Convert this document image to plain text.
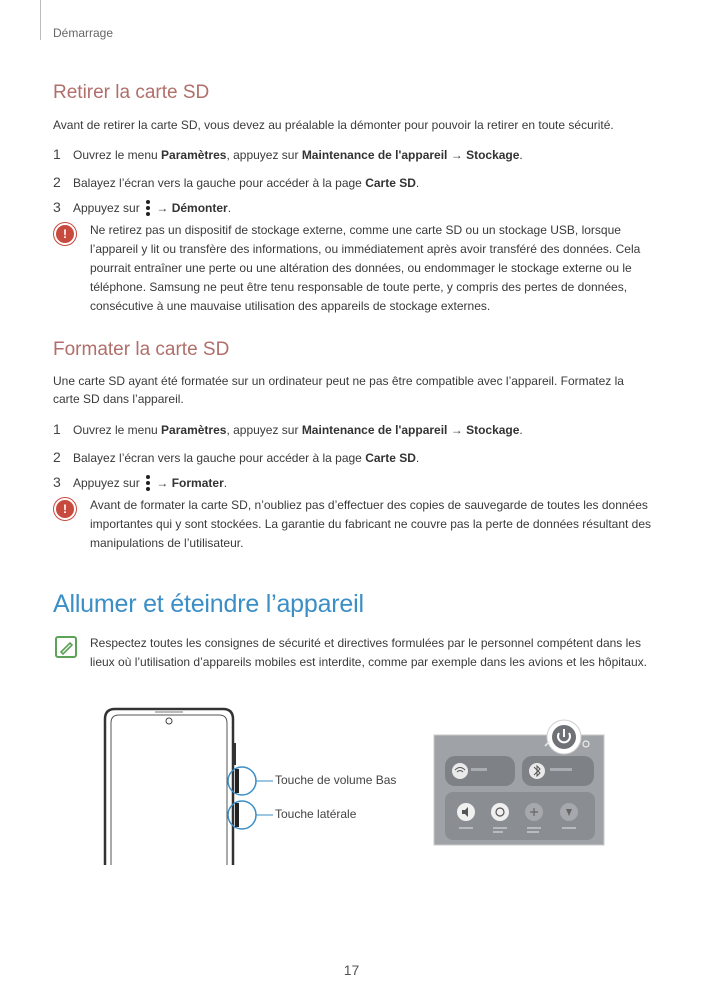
Démarrage
Retirer la carte SD

Avant de retirer la carte SD, vous devez au préalable la démonter pour pouvoir la retirer en toute sécurité.

1 Ouvrez le menu Paramètres, appuyez sur Maintenance de l'appareil → Stockage.
2 Balayez l’écran vers la gauche pour accéder à la page Carte SD.
3 Appuyez sur
→ Démonter.
!	Ne retirez pas un dispositif de stockage externe, comme une carte SD ou un stockage USB, lorsque l’appareil y lit ou transfère des informations, ou immédiatement après avoir transféré des données. Cela pourrait entraîner une perte ou une altération des données, ou endommager le stockage externe ou le téléphone. Samsung ne peut être tenu responsable de toute perte, y compris des pertes de données, consécutive à une mauvaise utilisation des appareils de stockage externes.

Formater la carte SD

Une carte SD ayant été formatée sur un ordinateur peut ne pas être compatible avec l’appareil. Formatez la carte SD dans l’appareil.

1 Ouvrez le menu Paramètres, appuyez sur Maintenance de l'appareil → Stockage.
2 Balayez l’écran vers la gauche pour accéder à la page Carte SD.
3 Appuyez sur
→ Formater.
!	Avant de formater la carte SD, n’oubliez pas d’effectuer des copies de sauvegarde de toutes les données importantes qui y sont stockées. La garantie du fabricant ne couvre pas la perte de données résultant des manipulations de l’utilisateur.

Allumer et éteindre l’appareil

Respectez toutes les consignes de sécurité et directives formulées par le personnel compétent dans les lieux où l’utilisation d’appareils mobiles est interdite, comme par exemple dans les avions et les hôpitaux.

Touche de volume Bas
Touche latérale
17
